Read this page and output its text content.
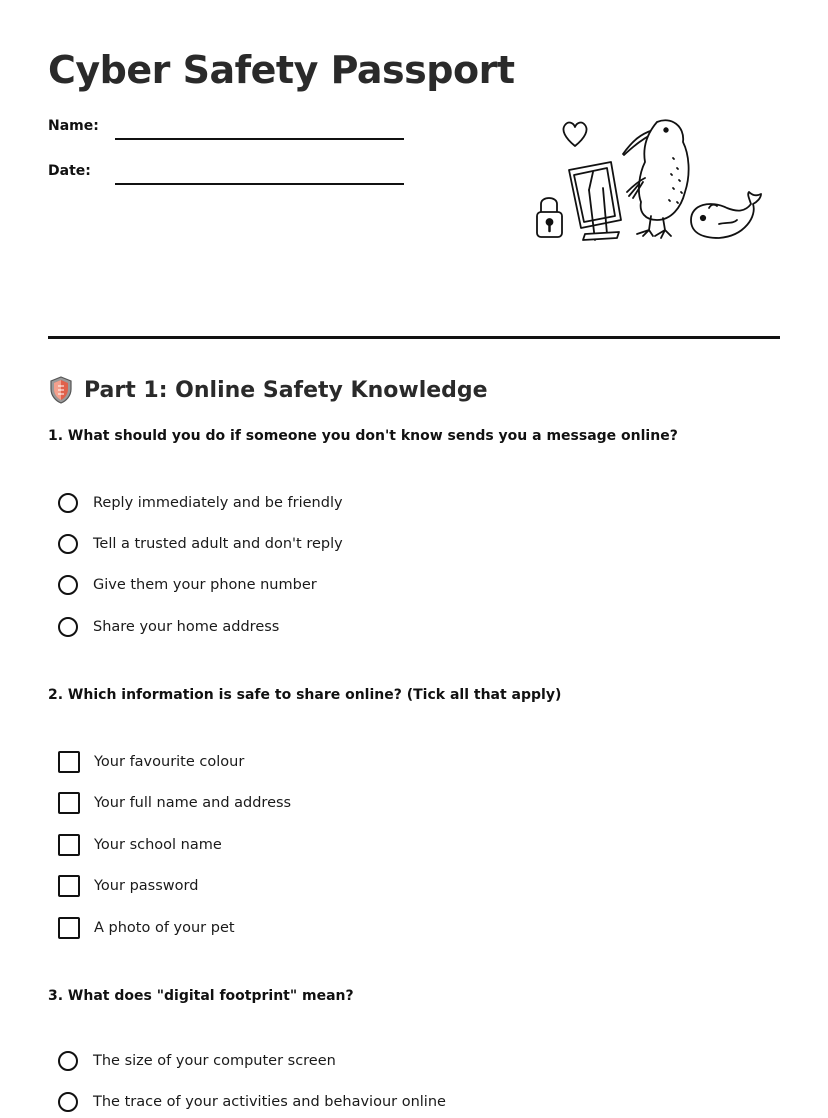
Cyber Safety Passport
Name:
Date:
Part 1: Online Safety Knowledge

1. What should you do if someone you don't know sends you a message online?

Reply immediately and be friendly
Tell a trusted adult and don't reply
Give them your phone number
Share your home address

2. Which information is safe to share online? (Tick all that apply)

Your favourite colour
Your full name and address
Your school name
Your password
A photo of your pet

3. What does "digital footprint" mean?

The size of your computer screen
The trace of your activities and behaviour online
